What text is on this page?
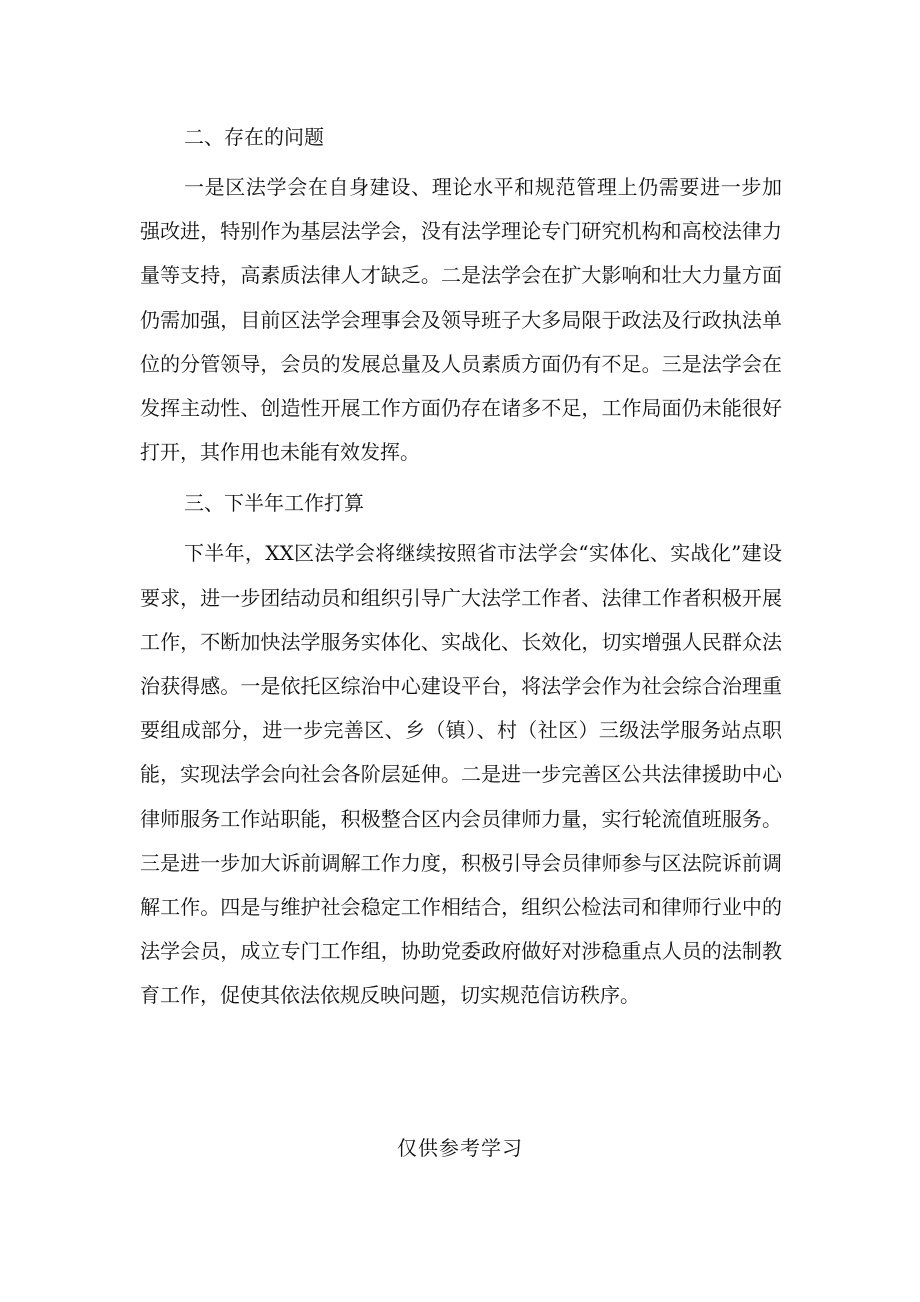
二、存在的问题

一是区法学会在自身建设、理论水平和规范管理上仍需要进一步加强改进，特别作为基层法学会，没有法学理论专门研究机构和高校法律力量等支持，高素质法律人才缺乏。二是法学会在扩大影响和壮大力量方面仍需加强，目前区法学会理事会及领导班子大多局限于政法及行政执法单位的分管领导，会员的发展总量及人员素质方面仍有不足。三是法学会在发挥主动性、创造性开展工作方面仍存在诸多不足，工作局面仍未能很好打开，其作用也未能有效发挥。

三、下半年工作打算

下半年，XX区法学会将继续按照省市法学会“实体化、实战化”建设要求，进一步团结动员和组织引导广大法学工作者、法律工作者积极开展工作，不断加快法学服务实体化、实战化、长效化，切实增强人民群众法治获得感。一是依托区综治中心建设平台，将法学会作为社会综合治理重要组成部分，进一步完善区、乡（镇）、村（社区）三级法学服务站点职能，实现法学会向社会各阶层延伸。二是进一步完善区公共法律援助中心律师服务工作站职能，积极整合区内会员律师力量，实行轮流值班服务。三是进一步加大诉前调解工作力度，积极引导会员律师参与区法院诉前调解工作。四是与维护社会稳定工作相结合，组织公检法司和律师行业中的法学会员，成立专门工作组，协助党委政府做好对涉稳重点人员的法制教育工作，促使其依法依规反映问题，切实规范信访秩序。

仅供参考学习
